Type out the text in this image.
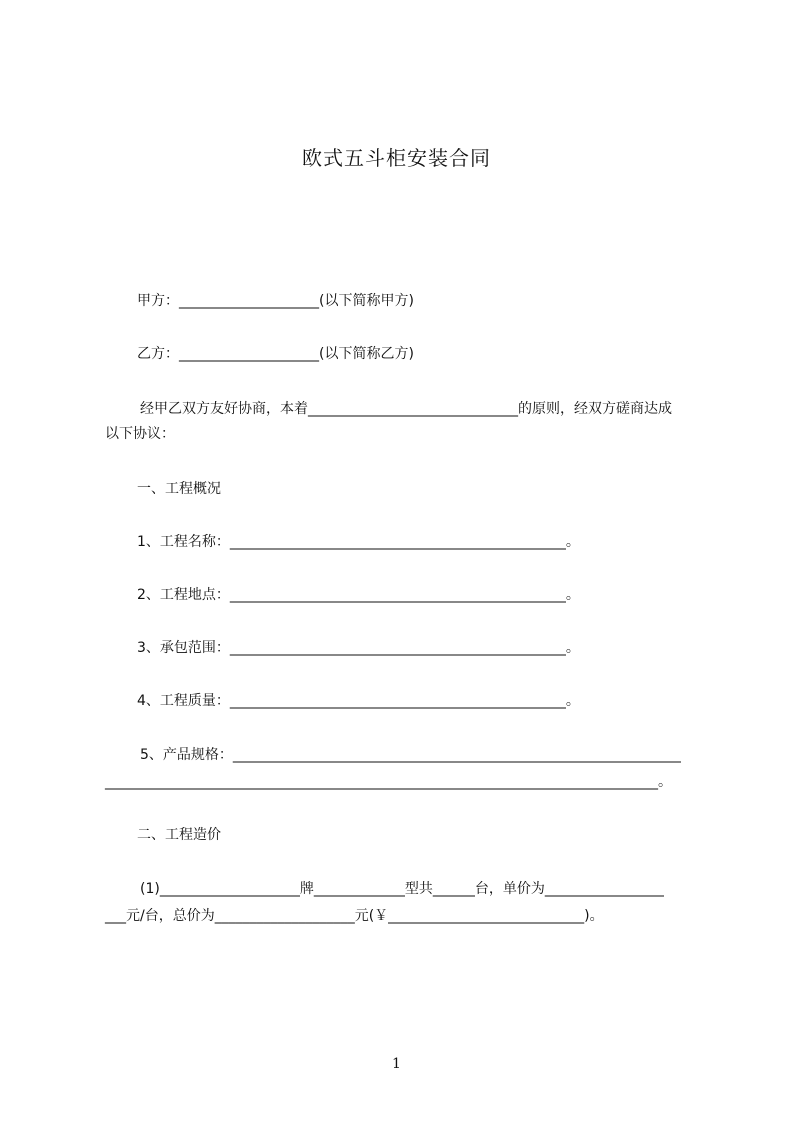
欧式五斗柜安装合同
甲方：____________________(以下简称甲方)
乙方：____________________(以下简称乙方)
经甲乙双方友好协商，本着______________________________的原则，经双方磋商达成
以下协议：
一、工程概况
1、工程名称：________________________________________________。
2、工程地点：________________________________________________。
3、承包范围：________________________________________________。
4、工程质量：________________________________________________。
5、产品规格：________________________________________________________________
_______________________________________________________________________________。
二、工程造价
(1)____________________牌_____________型共______台，单价为_________________
___元/台，总价为____________________元(￥____________________________)。
1
